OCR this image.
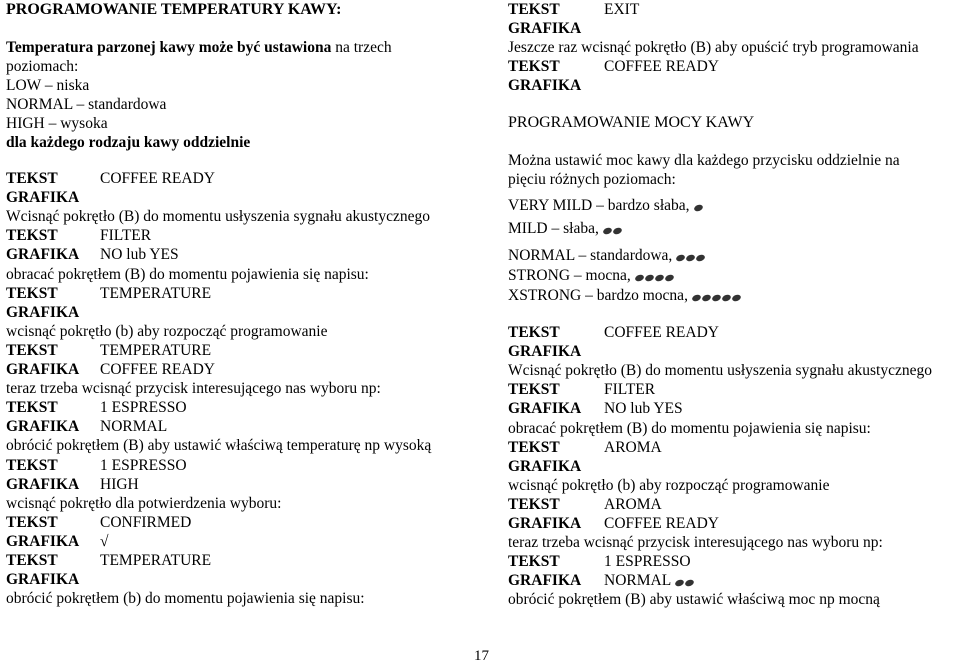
PROGRAMOWANIE TEMPERATURY KAWY:
Temperatura parzonej kawy może być ustawiona na trzech
poziomach:
LOW – niska
NORMAL – standardowa
HIGH – wysoka
dla każdego rodzaju kawy oddzielnie
TEKST	COFFEE READY
GRAFIKA
Wcisnąć pokrętło (B) do momentu usłyszenia sygnału akustycznego
TEKST	FILTER
GRAFIKA NO lub YES
obracać pokrętłem (B) do momentu pojawienia się napisu:
TEKST	TEMPERATURE
GRAFIKA
wcisnąć pokrętło (b) aby rozpocząć programowanie
TEKST	TEMPERATURE
GRAFIKA COFFEE READY
teraz trzeba wcisnąć przycisk interesującego nas wyboru np:
TEKST	1 ESPRESSO
GRAFIKA NORMAL
obrócić pokrętłem (B) aby ustawić właściwą temperaturę np wysoką
TEKST	1 ESPRESSO
GRAFIKA HIGH
wcisnąć pokrętło dla potwierdzenia wyboru:
TEKST	CONFIRMED
GRAFIKA √
TEKST	TEMPERATURE
GRAFIKA
obrócić pokrętłem (b) do momentu pojawienia się napisu:
TEKST	EXIT
GRAFIKA
Jeszcze raz wcisnąć pokrętło (B) aby opuścić tryb programowania
TEKST	COFFEE READY
GRAFIKA
PROGRAMOWANIE MOCY KAWY
Można ustawić moc kawy dla każdego przycisku oddzielnie na
pięciu różnych poziomach:
VERY MILD – bardzo słaba,
MILD – słaba,
NORMAL – standardowa,
STRONG – mocna,
XSTRONG – bardzo mocna,
TEKST	COFFEE READY
GRAFIKA
Wcisnąć pokrętło (B) do momentu usłyszenia sygnału akustycznego
TEKST	FILTER
GRAFIKA NO lub YES
obracać pokrętłem (B) do momentu pojawienia się napisu:
TEKST	AROMA
GRAFIKA
wcisnąć pokrętło (b) aby rozpocząć programowanie
TEKST	AROMA
GRAFIKA COFFEE READY
teraz trzeba wcisnąć przycisk interesującego nas wyboru np:
TEKST	1 ESPRESSO
GRAFIKA NORMAL
obrócić pokrętłem (B) aby ustawić właściwą moc np mocną
17
